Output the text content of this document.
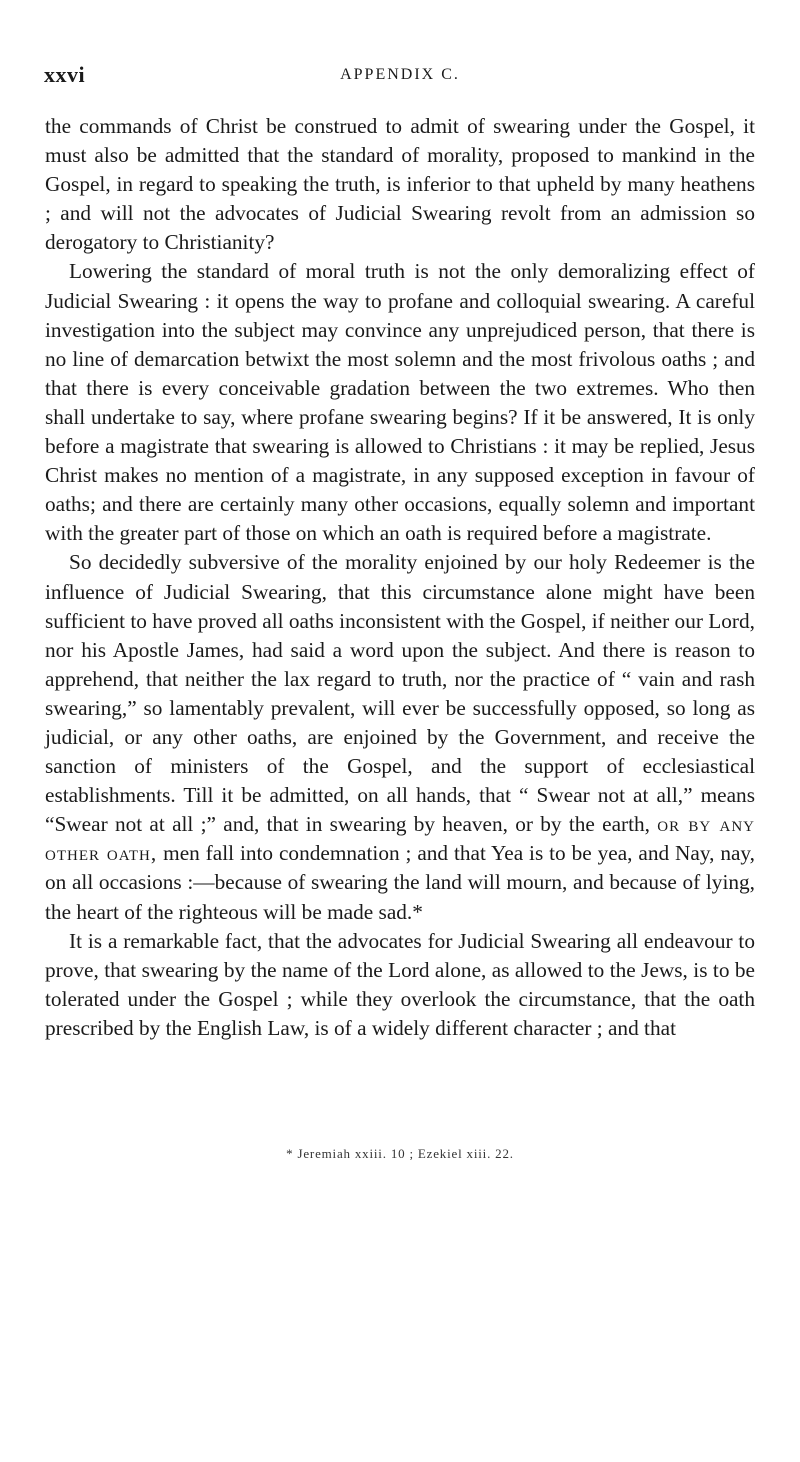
xxvi	APPENDIX C.

the commands of Christ be construed to admit of swearing under the Gospel, it must also be admitted that the standard of morality, proposed to mankind in the Gospel, in regard to speaking the truth, is inferior to that upheld by many heathens ; and will not the advocates of Judicial Swearing revolt from an admission so derogatory to Christianity?

Lowering the standard of moral truth is not the only demoralizing effect of Judicial Swearing : it opens the way to profane and colloquial swearing. A careful investigation into the subject may convince any unprejudiced person, that there is no line of demarcation betwixt the most solemn and the most frivolous oaths ; and that there is every conceivable gradation between the two extremes. Who then shall undertake to say, where profane swearing begins? If it be answered, It is only before a magistrate that swearing is allowed to Christians : it may be replied, Jesus Christ makes no mention of a magistrate, in any supposed exception in favour of oaths; and there are certainly many other occasions, equally solemn and important with the greater part of those on which an oath is required before a magistrate.

So decidedly subversive of the morality enjoined by our holy Redeemer is the influence of Judicial Swearing, that this circumstance alone might have been sufficient to have proved all oaths inconsistent with the Gospel, if neither our Lord, nor his Apostle James, had said a word upon the subject. And there is reason to apprehend, that neither the lax regard to truth, nor the practice of “ vain and rash swearing,” so lamentably prevalent, will ever be successfully opposed, so long as judicial, or any other oaths, are enjoined by the Government, and receive the sanction of ministers of the Gospel, and the support of ecclesiastical establishments. Till it be admitted, on all hands, that “ Swear not at all,” means “Swear not at all ;” and, that in swearing by heaven, or by the earth, or by any other oath, men fall into condemnation ; and that Yea is to be yea, and Nay, nay, on all occasions :—because of swearing the land will mourn, and because of lying, the heart of the righteous will be made sad.*

It is a remarkable fact, that the advocates for Judicial Swearing all endeavour to prove, that swearing by the name of the Lord alone, as allowed to the Jews, is to be tolerated under the Gospel ; while they overlook the circumstance, that the oath prescribed by the English Law, is of a widely different character ; and that

* Jeremiah xxiii. 10 ; Ezekiel xiii. 22.
